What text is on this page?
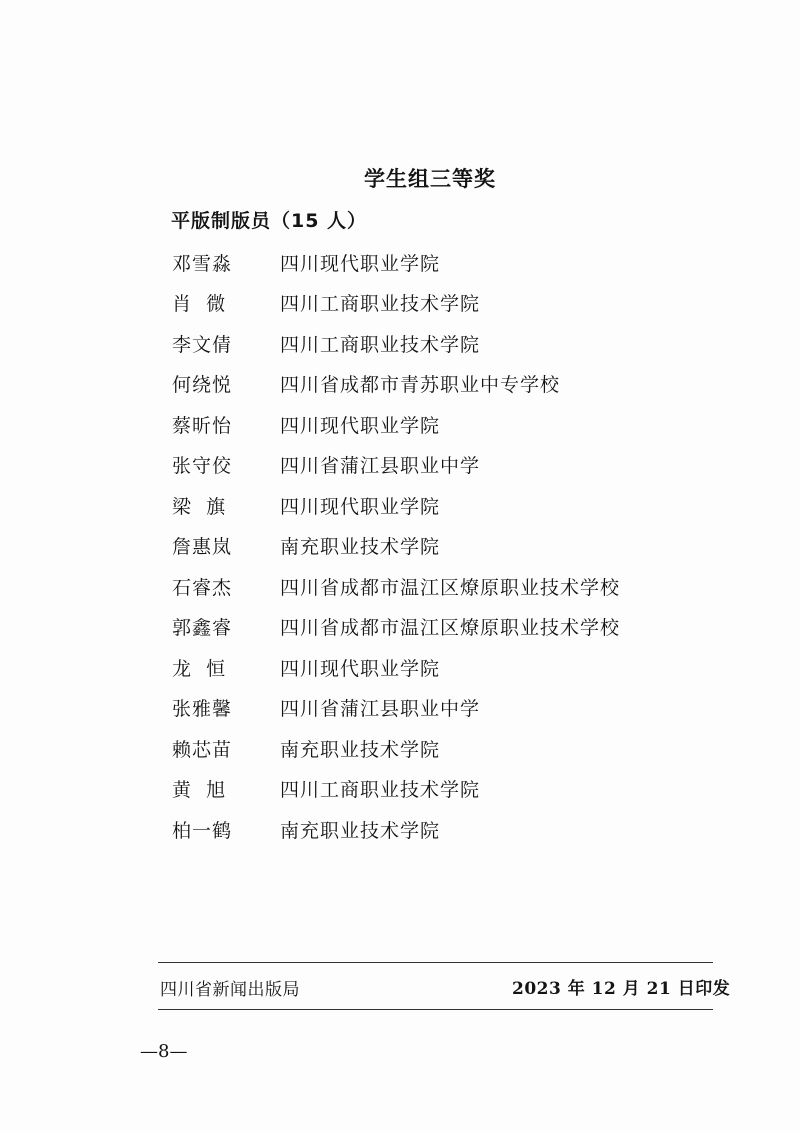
学生组三等奖
平版制版员（15 人）
邓雪淼	四川现代职业学院
肖  微	四川工商职业技术学院
李文倩	四川工商职业技术学院
何绕悦	四川省成都市青苏职业中专学校
蔡昕怡	四川现代职业学院
张守佼	四川省蒲江县职业中学
梁  旗	四川现代职业学院
詹惠岚	南充职业技术学院
石睿杰	四川省成都市温江区燎原职业技术学校
郭鑫睿	四川省成都市温江区燎原职业技术学校
龙  恒	四川现代职业学院
张雅馨	四川省蒲江县职业中学
赖芯苗	南充职业技术学院
黄  旭	四川工商职业技术学院
柏一鹤	南充职业技术学院
四川省新闻出版局	2023 年 12 月 21 日印发
—8—
